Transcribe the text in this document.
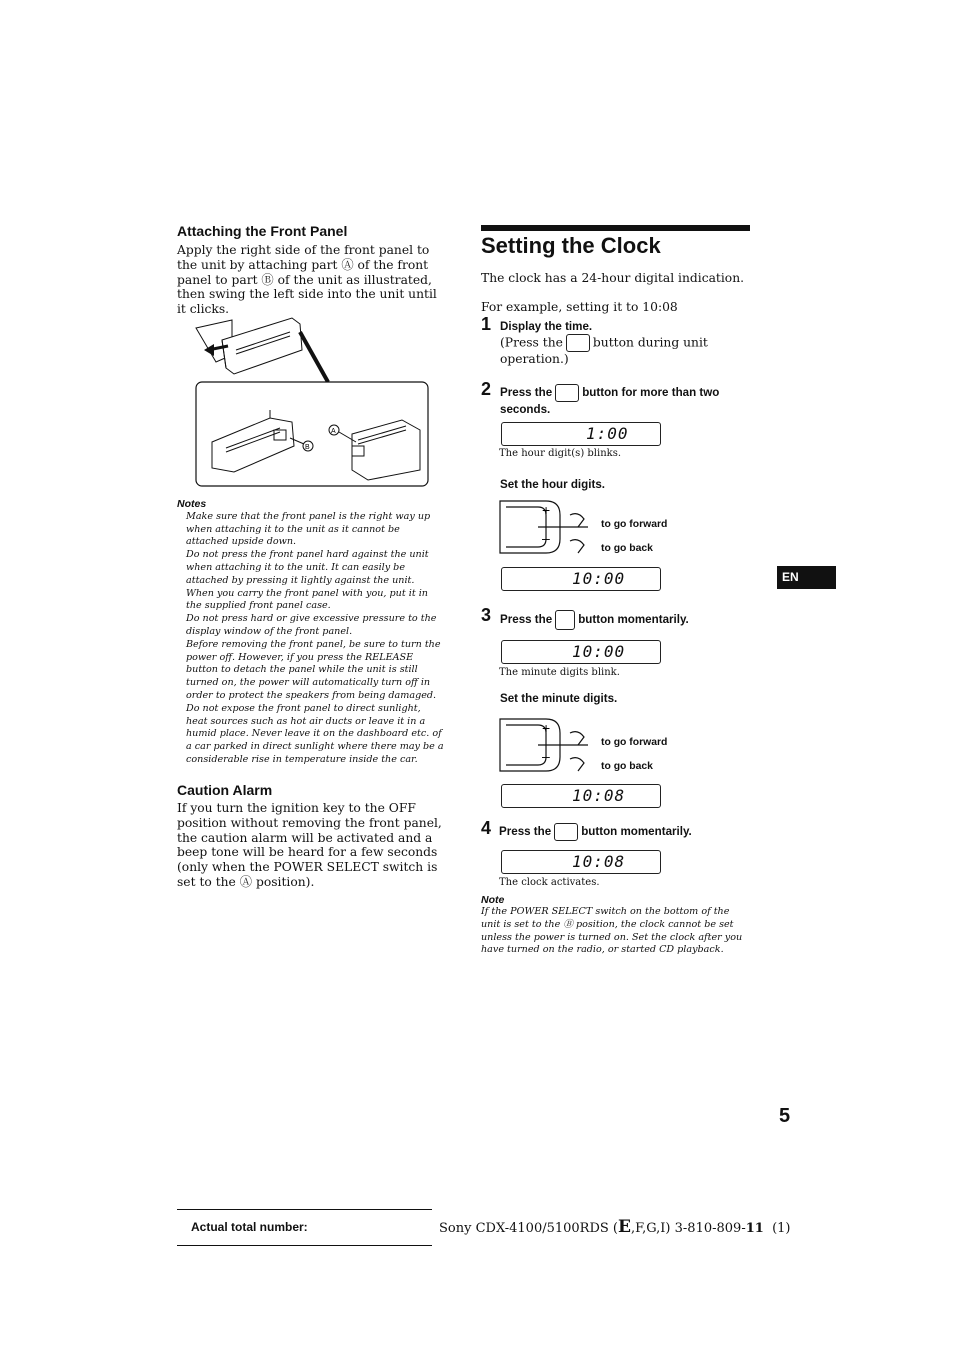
Attaching the Front Panel
Apply the right side of the front panel to the unit by attaching part Ⓐ of the front panel to part Ⓑ of the unit as illustrated, then swing the left side into the unit until it clicks.
B
A
Notes
Make sure that the front panel is the right way up when attaching it to the unit as it cannot be attached upside down.
Do not press the front panel hard against the unit when attaching it to the unit. It can easily be attached by pressing it lightly against the unit.
When you carry the front panel with you, put it in the supplied front panel case.
Do not press hard or give excessive pressure to the display window of the front panel.
Before removing the front panel, be sure to turn the power off. However, if you press the RELEASE button to detach the panel while the unit is still turned on, the power will automatically turn off in order to protect the speakers from being damaged.
Do not expose the front panel to direct sunlight, heat sources such as hot air ducts or leave it in a humid place. Never leave it on the dashboard etc. of a car parked in direct sunlight where there may be a considerable rise in temperature inside the car.
Caution Alarm
If you turn the ignition key to the OFF position without removing the front panel, the caution alarm will be activated and a beep tone will be heard for a few seconds (only when the POWER SELECT switch is set to the Ⓐ position).
Setting the Clock
The clock has a 24-hour digital indication.
For example, setting it to 10:08
1 Display the time.
(Press the button during unit
operation.)
2 Press the	button for more than two
seconds.
1:00
The hour digit(s) blinks.
Set the hour digits.
+
–
to go forward
to go back
10:00
3 Press the button momentarily.
10:00
The minute digits blink.
Set the minute digits.
+
–
to go forward
to go back
10:08
4 Press the	button momentarily.
10:08
The clock activates.
Note
If the POWER SELECT switch on the bottom of the unit is set to the Ⓑ position, the clock cannot be set unless the power is turned on. Set the clock after you have turned on the radio, or started CD playback.
EN
5
Actual total number:	Sony CDX-4100/5100RDS (E,F,G,I) 3-810-809-11  (1)
